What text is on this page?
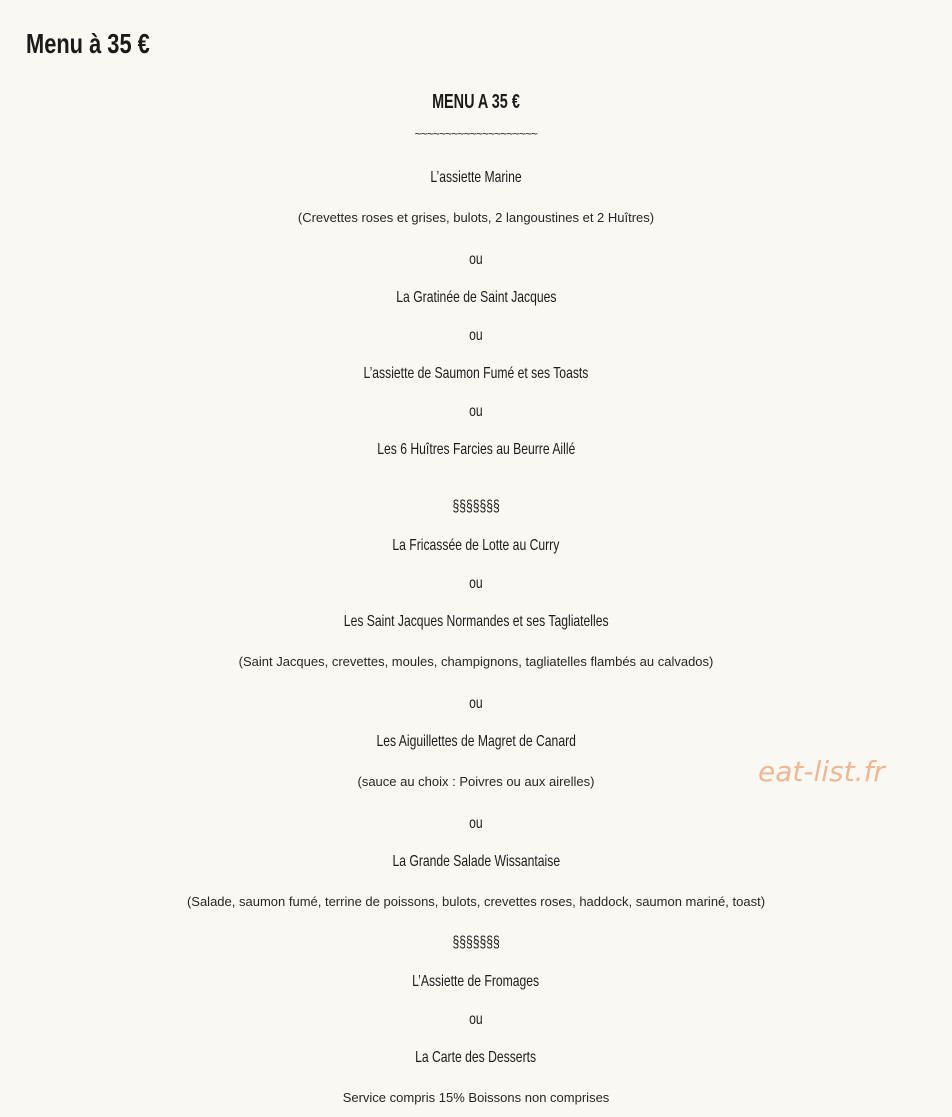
Menu à 35 €
MENU A 35 €
~~~~~~~~~~~~~~~~~~~~
L’assiette Marine
(Crevettes roses et grises, bulots, 2 langoustines et 2 Huîtres)
ou
La Gratinée de Saint Jacques
ou
L’assiette de Saumon Fumé et ses Toasts
ou
Les 6 Huîtres Farcies au Beurre Aillé
§§§§§§§
La Fricassée de Lotte au Curry
ou
Les Saint Jacques Normandes et ses Tagliatelles
(Saint Jacques, crevettes, moules, champignons, tagliatelles flambés au calvados)
ou
Les Aiguillettes de Magret de Canard
(sauce au choix : Poivres ou aux airelles)
ou
La Grande Salade Wissantaise
(Salade, saumon fumé, terrine de poissons, bulots, crevettes roses, haddock, saumon mariné, toast)
§§§§§§§
L’Assiette de Fromages
ou
La Carte des Desserts
Service compris 15% Boissons non comprises
eat-list.fr
